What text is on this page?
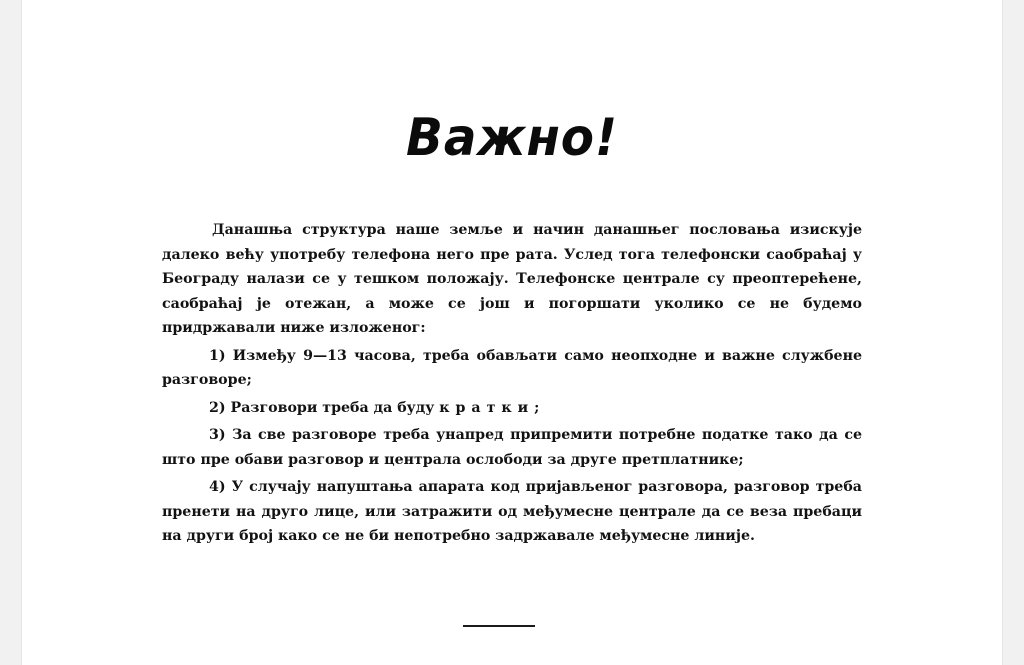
Важно!

Данашња структура наше земље и начин данашњег пословања изискује далеко већу употребу телефона него пре рата. Услед тога телефонски саобраћај у Београду налази се у тешком положају. Телефонске централе су преоптерећене, саобраћај је отежан, а може се још и погоршати уколико се не будемо придржавали ниже изложеног:

1) Између 9—13 часова, треба обављати само неопходне и важне службене разговоре;

2) Разговори треба да буду кратки;

3) За све разговоре треба унапред припремити потребне податке тако да се што пре обави разговор и централа ослободи за друге претплатнике;

4) У случају напуштања апарата код пријављеног разговора, разговор треба пренети на друго лице, или затражити од међумесне централе да се веза пребаци на други број како се не би непотребно задржавале међумесне линије.
